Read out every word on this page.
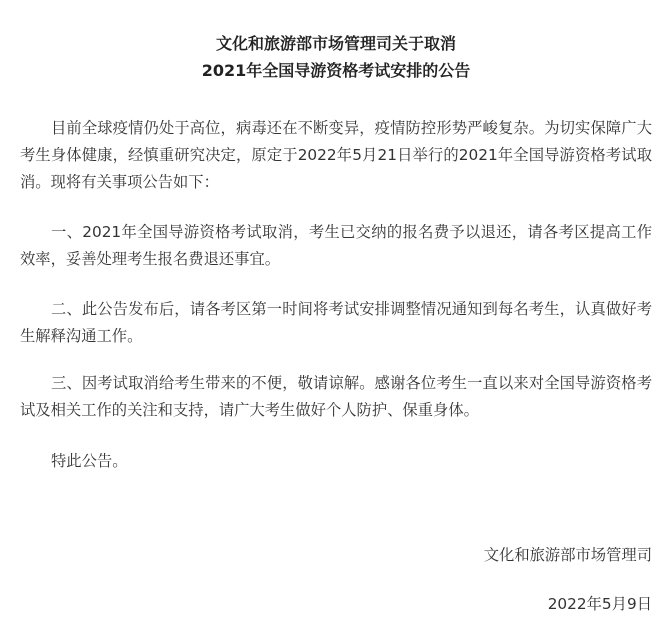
文化和旅游部市场管理司关于取消
2021年全国导游资格考试安排的公告

目前全球疫情仍处于高位，病毒还在不断变异，疫情防控形势严峻复杂。为切实保障广大考生身体健康，经慎重研究决定，原定于2022年5月21日举行的2021年全国导游资格考试取消。现将有关事项公告如下：

一、2021年全国导游资格考试取消，考生已交纳的报名费予以退还，请各考区提高工作效率，妥善处理考生报名费退还事宜。

二、此公告发布后，请各考区第一时间将考试安排调整情况通知到每名考生，认真做好考生解释沟通工作。

三、因考试取消给考生带来的不便，敬请谅解。感谢各位考生一直以来对全国导游资格考试及相关工作的关注和支持，请广大考生做好个人防护、保重身体。

特此公告。

文化和旅游部市场管理司
2022年5月9日
